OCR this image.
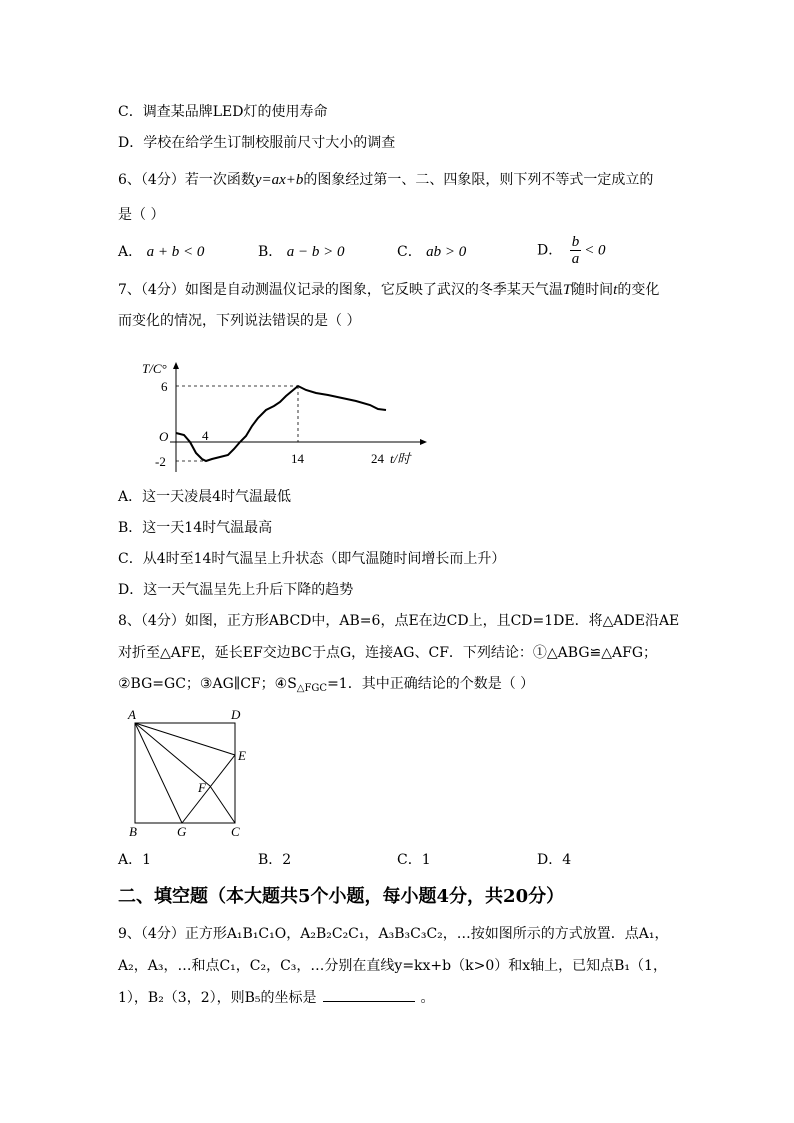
C．调查某品牌LED灯的使用寿命
D．学校在给学生订制校服前尺寸大小的调查
6、（4分）若一次函数y=ax+b的图象经过第一、二、四象限，则下列不等式一定成立的
是（ ）
A． a + b < 0	B． a − b > 0	C． ab > 0	D． $\frac{b}{a} < 0$
7、（4分）如图是自动测温仪记录的图象，它反映了武汉的冬季某天气温T随时间t的变化
而变化的情况，下列说法错误的是（ ）
T/C°
6
O
-2
4
14	24 t/时
A．这一天凌晨4时气温最低
B．这一天14时气温最高
C．从4时至14时气温呈上升状态（即气温随时间增长而上升）
D．这一天气温呈先上升后下降的趋势
8、（4分）如图，正方形ABCD中，AB=6，点E在边CD上，且CD=1DE．将△ADE沿AE
对折至△AFE，延长EF交边BC于点G，连接AG、CF．下列结论：①△ABG≌△AFG；
②BG=GC；③AG∥CF；$④S_{\triangle FGC}=1$．其中正确结论的个数是（ ）
A	D
E
F
B	G	C
A．1	B．2	C．1	D．4
二、填空题（本大题共5个小题，每小题4分，共20分）
9、（4分）正方形A₁B₁C₁O，A₂B₂C₂C₁，A₃B₃C₃C₂，…按如图所示的方式放置．点A₁，
A₂，A₃，…和点C₁，C₂，C₃，…分别在直线y=kx+b（k>0）和x轴上，已知点B₁（1，
1），B₂（3，2），则B₅的坐标是	。
